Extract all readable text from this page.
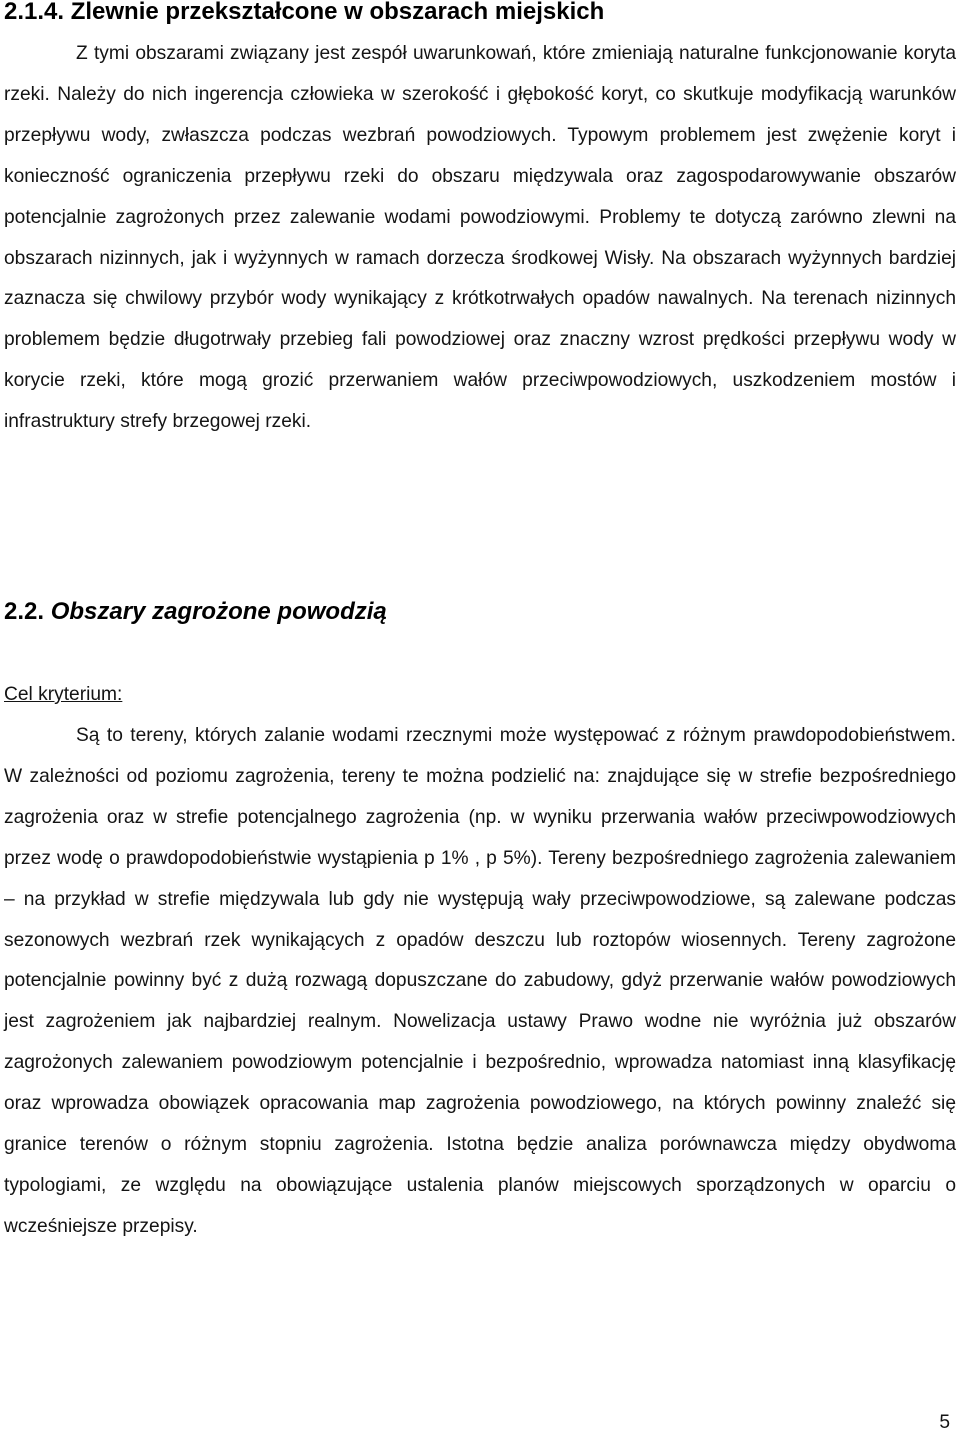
2.1.4. Zlewnie przekształcone w obszarach miejskich
Z tymi obszarami związany jest zespół uwarunkowań, które zmieniają naturalne funkcjonowanie koryta rzeki. Należy do nich ingerencja człowieka w szerokość i głębokość koryt, co skutkuje modyfikacją warunków przepływu wody, zwłaszcza podczas wezbrań powodziowych. Typowym problemem jest zwężenie koryt i konieczność ograniczenia przepływu rzeki do obszaru międzywala oraz zagospodarowywanie obszarów potencjalnie zagrożonych przez zalewanie wodami powodziowymi. Problemy te dotyczą zarówno zlewni na obszarach nizinnych, jak i wyżynnych w ramach dorzecza środkowej Wisły. Na obszarach wyżynnych bardziej zaznacza się chwilowy przybór wody wynikający z krótkotrwałych opadów nawalnych. Na terenach nizinnych problemem będzie długotrwały przebieg fali powodziowej oraz znaczny wzrost prędkości przepływu wody w korycie rzeki, które mogą grozić przerwaniem wałów przeciwpowodziowych, uszkodzeniem mostów i infrastruktury strefy brzegowej rzeki.
2.2. Obszary zagrożone powodzią
Cel kryterium:
Są to tereny, których zalanie wodami rzecznymi może występować z różnym prawdopodobieństwem. W zależności od poziomu zagrożenia, tereny te można podzielić na: znajdujące się w strefie bezpośredniego zagrożenia oraz w strefie potencjalnego zagrożenia (np. w wyniku przerwania wałów przeciwpowodziowych przez wodę o prawdopodobieństwie wystąpienia p 1% , p 5%). Tereny bezpośredniego zagrożenia zalewaniem – na przykład w strefie międzywala lub gdy nie występują wały przeciwpowodziowe, są zalewane podczas sezonowych wezbrań rzek wynikających z opadów deszczu lub roztopów wiosennych. Tereny zagrożone potencjalnie powinny być z dużą rozwagą dopuszczane do zabudowy, gdyż przerwanie wałów powodziowych jest zagrożeniem jak najbardziej realnym. Nowelizacja ustawy Prawo wodne nie wyróżnia już obszarów zagrożonych zalewaniem powodziowym potencjalnie i bezpośrednio, wprowadza natomiast inną klasyfikację oraz wprowadza obowiązek opracowania map zagrożenia powodziowego, na których powinny znaleźć się granice terenów o różnym stopniu zagrożenia. Istotna będzie analiza porównawcza między obydwoma typologiami, ze względu na obowiązujące ustalenia planów miejscowych sporządzonych w oparciu o wcześniejsze przepisy.
5
